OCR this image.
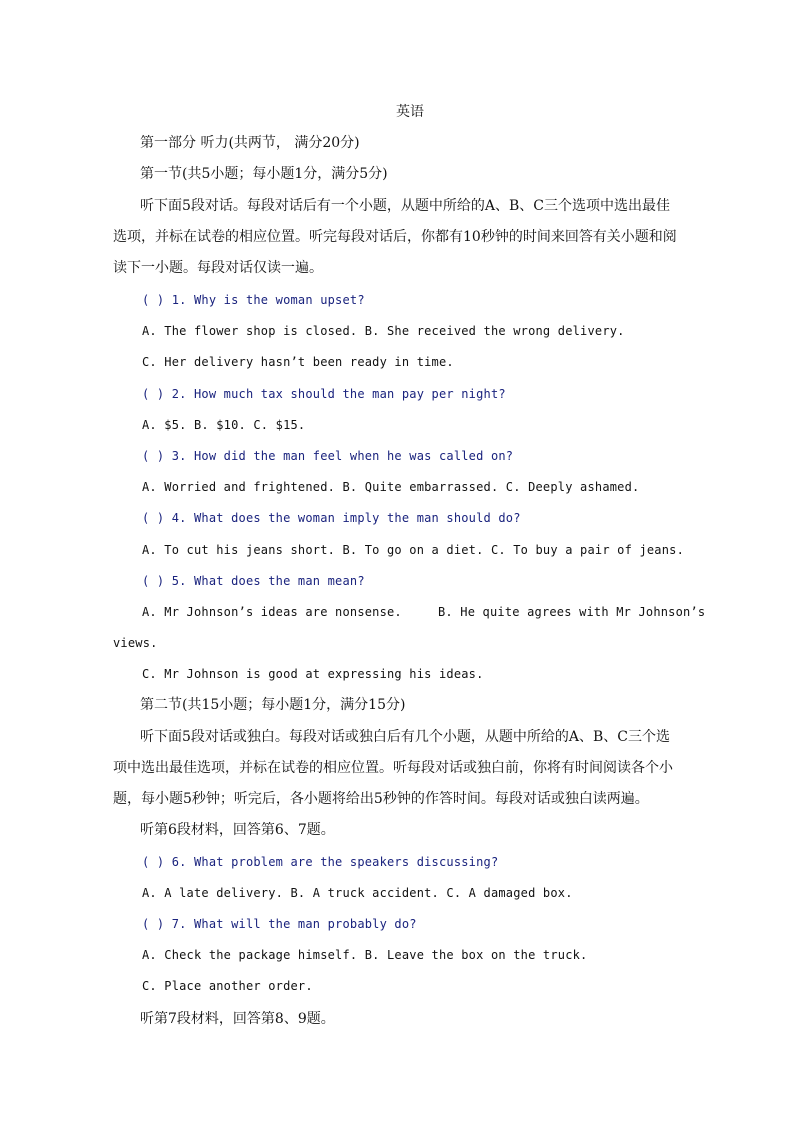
英语
第一部分 听力(共两节， 满分20分)
第一节(共5小题；每小题1分，满分5分)
听下面5段对话。每段对话后有一个小题，从题中所给的A、B、C三个选项中选出最佳
选项，并标在试卷的相应位置。听完每段对话后，你都有10秒钟的时间来回答有关小题和阅
读下一小题。每段对话仅读一遍。
( ) 1. Why is the woman upset?
A. The flower shop is closed. B. She received the wrong delivery.
C. Her delivery hasn’t been ready in time.
( ) 2. How much tax should the man pay per night?
A. $5. B. $10. C. $15.
( ) 3. How did the man feel when he was called on?
A. Worried and frightened. B. Quite embarrassed. C. Deeply ashamed.
( ) 4. What does the woman imply the man should do?
A. To cut his jeans short. B. To go on a diet. C. To buy a pair of jeans.
( ) 5. What does the man mean?
A. Mr Johnson’s ideas are nonsense.	B. He quite agrees with Mr Johnson’s
views.
C. Mr Johnson is good at expressing his ideas.
第二节(共15小题；每小题1分，满分15分)
听下面5段对话或独白。每段对话或独白后有几个小题，从题中所给的A、B、C三个选
项中选出最佳选项，并标在试卷的相应位置。听每段对话或独白前，你将有时间阅读各个小
题，每小题5秒钟；听完后，各小题将给出5秒钟的作答时间。每段对话或独白读两遍。
听第6段材料，回答第6、7题。
( ) 6. What problem are the speakers discussing?
A. A late delivery. B. A truck accident. C. A damaged box.
( ) 7. What will the man probably do?
A. Check the package himself. B. Leave the box on the truck.
C. Place another order.
听第7段材料，回答第8、9题。
